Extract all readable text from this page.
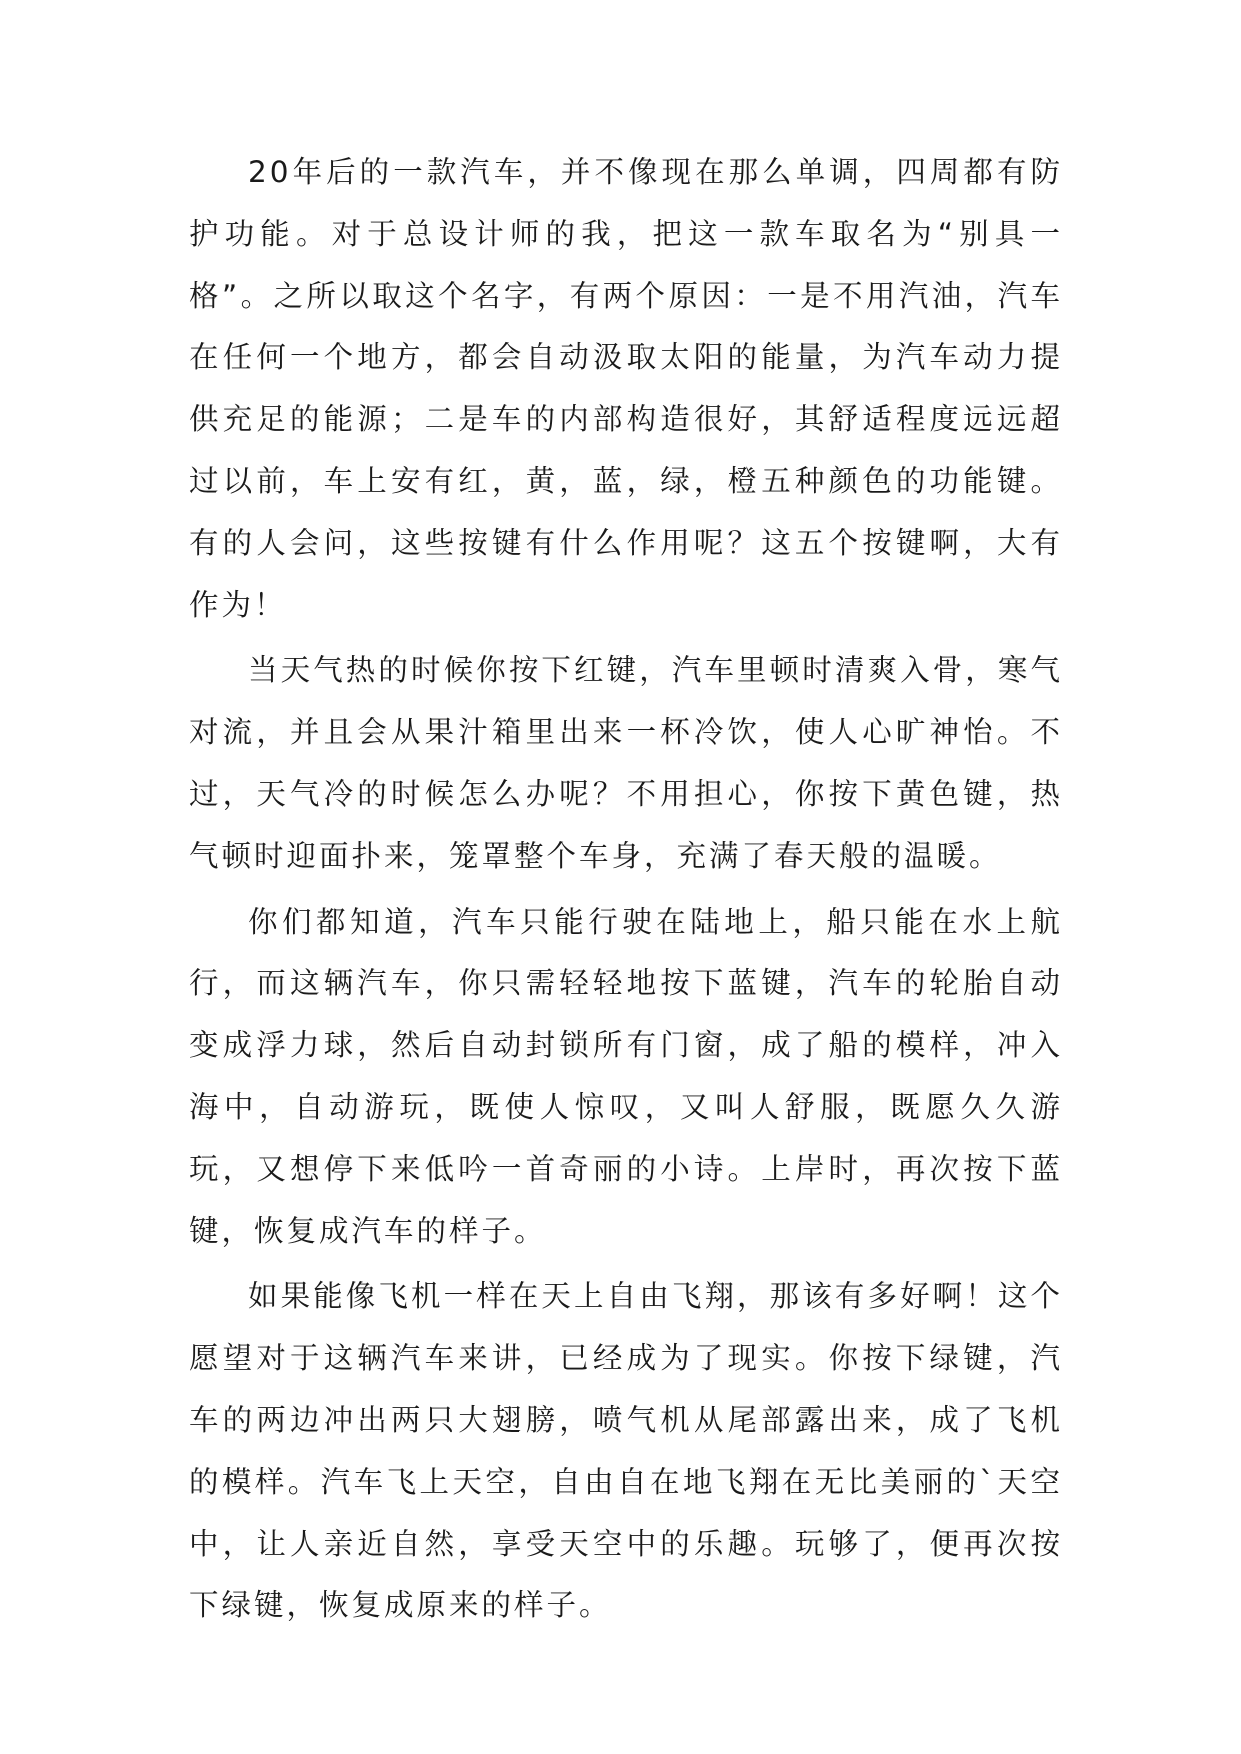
20年后的一款汽车，并不像现在那么单调，四周都有防护功能。对于总设计师的我，把这一款车取名为“别具一格”。之所以取这个名字，有两个原因：一是不用汽油，汽车在任何一个地方，都会自动汲取太阳的能量，为汽车动力提供充足的能源；二是车的内部构造很好，其舒适程度远远超过以前，车上安有红，黄，蓝，绿，橙五种颜色的功能键。有的人会问，这些按键有什么作用呢？这五个按键啊，大有作为！

当天气热的时候你按下红键，汽车里顿时清爽入骨，寒气对流，并且会从果汁箱里出来一杯冷饮，使人心旷神怡。不过，天气冷的时候怎么办呢？不用担心，你按下黄色键，热气顿时迎面扑来，笼罩整个车身，充满了春天般的温暖。

你们都知道，汽车只能行驶在陆地上，船只能在水上航行，而这辆汽车，你只需轻轻地按下蓝键，汽车的轮胎自动变成浮力球，然后自动封锁所有门窗，成了船的模样，冲入海中，自动游玩，既使人惊叹，又叫人舒服，既愿久久游玩，又想停下来低吟一首奇丽的小诗。上岸时，再次按下蓝键，恢复成汽车的样子。

如果能像飞机一样在天上自由飞翔，那该有多好啊！这个愿望对于这辆汽车来讲，已经成为了现实。你按下绿键，汽车的两边冲出两只大翅膀，喷气机从尾部露出来，成了飞机的模样。汽车飞上天空，自由自在地飞翔在无比美丽的`天空中，让人亲近自然，享受天空中的乐趣。玩够了，便再次按下绿键，恢复成原来的样子。
